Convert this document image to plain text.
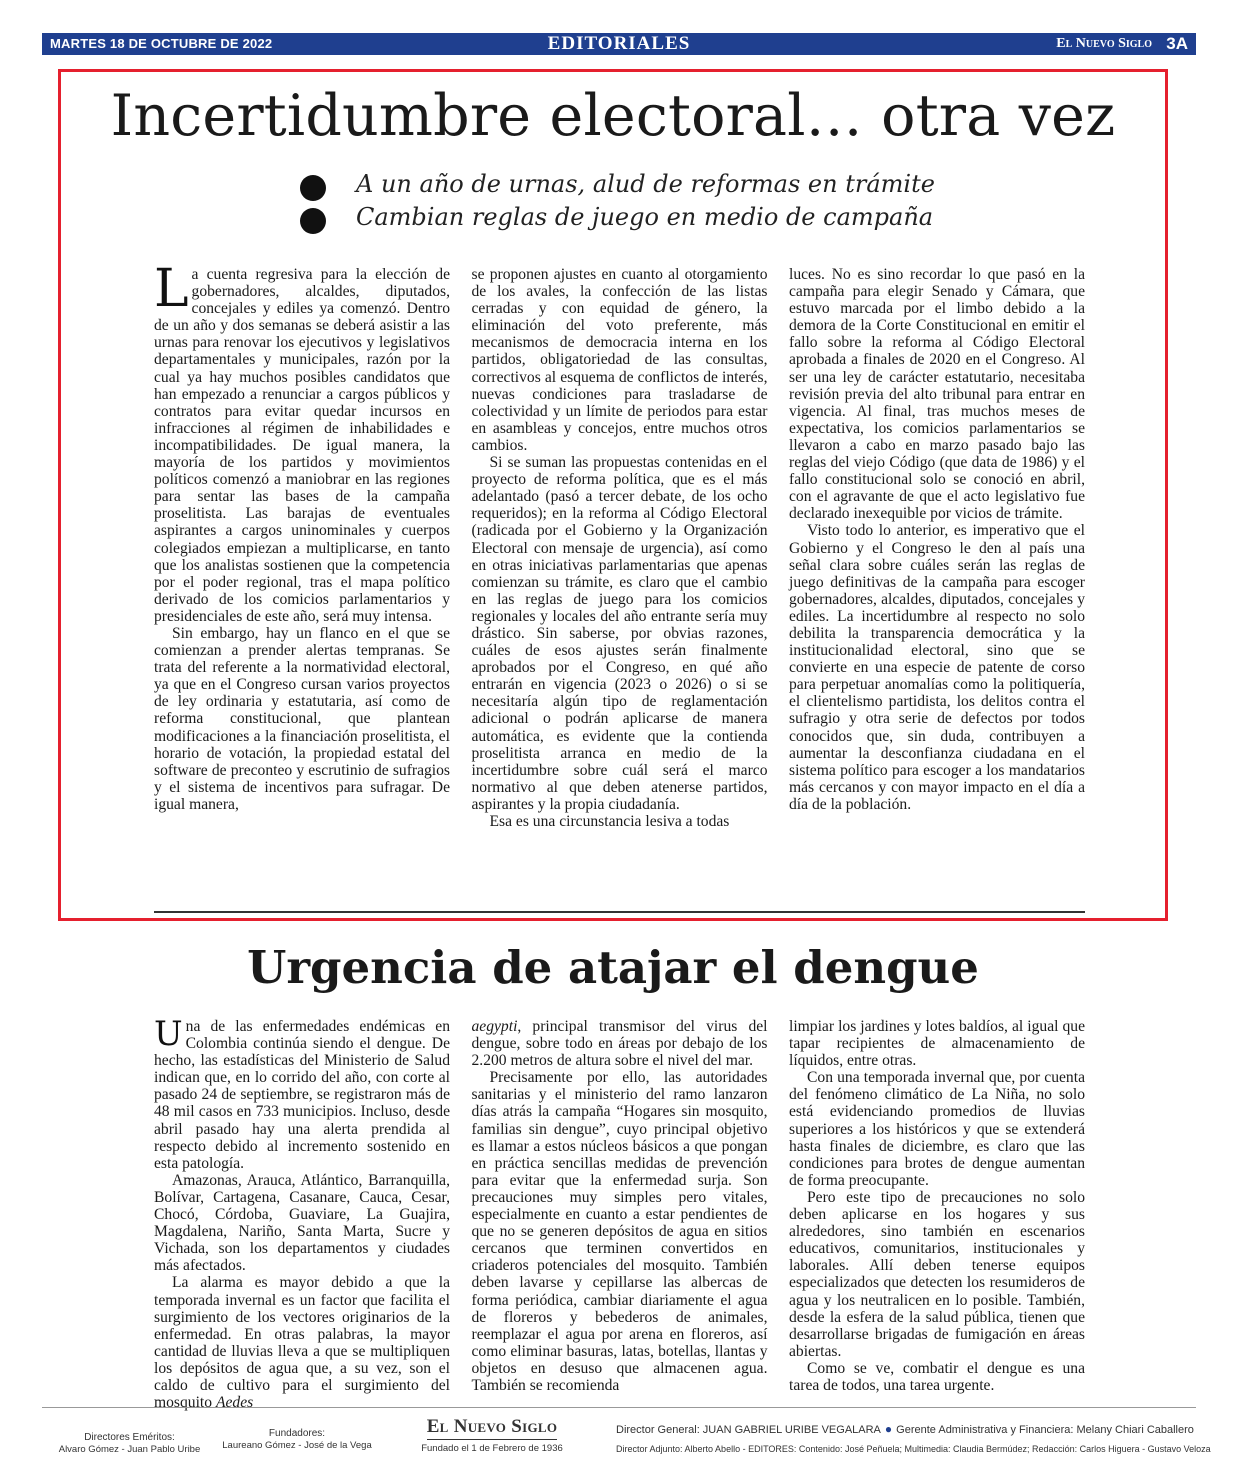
MARTES 18 DE OCTUBRE DE 2022	EDITORIALES	El Nuevo Siglo 3A
Incertidumbre electoral… otra vez
A un año de urnas, alud de reformas en trámite
Cambian reglas de juego en medio de campaña

La cuenta regresiva para la elección de gobernadores, alcaldes, diputados, concejales y ediles ya comenzó. Dentro de un año y dos semanas se deberá asistir a las urnas para renovar los ejecutivos y legislativos departamentales y municipales, razón por la cual ya hay muchos posibles candidatos que han empezado a renunciar a cargos públicos y contratos para evitar quedar incursos en infracciones al régimen de inhabilidades e incompatibilidades. De igual manera, la mayoría de los partidos y movimientos políticos comenzó a maniobrar en las regiones para sentar las bases de la campaña proselitista. Las barajas de eventuales aspirantes a cargos uninominales y cuerpos colegiados empiezan a multiplicarse, en tanto que los analistas sostienen que la competencia por el poder regional, tras el mapa político derivado de los comicios parlamentarios y presidenciales de este año, será muy intensa.

Sin embargo, hay un flanco en el que se comienzan a prender alertas tempranas. Se trata del referente a la normatividad electoral, ya que en el Congreso cursan varios proyectos de ley ordinaria y estatutaria, así como de reforma constitucional, que plantean modificaciones a la financiación proselitista, el horario de votación, la propiedad estatal del software de preconteo y escrutinio de sufragios y el sistema de incentivos para sufragar. De igual manera,

se proponen ajustes en cuanto al otorgamiento de los avales, la confección de las listas cerradas y con equidad de género, la eliminación del voto preferente, más mecanismos de democracia interna en los partidos, obligatoriedad de las consultas, correctivos al esquema de conflictos de interés, nuevas condiciones para trasladarse de colectividad y un límite de periodos para estar en asambleas y concejos, entre muchos otros cambios.

Si se suman las propuestas contenidas en el proyecto de reforma política, que es el más adelantado (pasó a tercer debate, de los ocho requeridos); en la reforma al Código Electoral (radicada por el Gobierno y la Organización Electoral con mensaje de urgencia), así como en otras iniciativas parlamentarias que apenas comienzan su trámite, es claro que el cambio en las reglas de juego para los comicios regionales y locales del año entrante sería muy drástico. Sin saberse, por obvias razones, cuáles de esos ajustes serán finalmente aprobados por el Congreso, en qué año entrarán en vigencia (2023 o 2026) o si se necesitaría algún tipo de reglamentación adicional o podrán aplicarse de manera automática, es evidente que la contienda proselitista arranca en medio de la incertidumbre sobre cuál será el marco normativo al que deben atenerse partidos, aspirantes y la propia ciudadanía.

Esa es una circunstancia lesiva a todas

luces. No es sino recordar lo que pasó en la campaña para elegir Senado y Cámara, que estuvo marcada por el limbo debido a la demora de la Corte Constitucional en emitir el fallo sobre la reforma al Código Electoral aprobada a finales de 2020 en el Congreso. Al ser una ley de carácter estatutario, necesitaba revisión previa del alto tribunal para entrar en vigencia. Al final, tras muchos meses de expectativa, los comicios parlamentarios se llevaron a cabo en marzo pasado bajo las reglas del viejo Código (que data de 1986) y el fallo constitucional solo se conoció en abril, con el agravante de que el acto legislativo fue declarado inexequible por vicios de trámite.

Visto todo lo anterior, es imperativo que el Gobierno y el Congreso le den al país una señal clara sobre cuáles serán las reglas de juego definitivas de la campaña para escoger gobernadores, alcaldes, diputados, concejales y ediles. La incertidumbre al respecto no solo debilita la transparencia democrática y la institucionalidad electoral, sino que se convierte en una especie de patente de corso para perpetuar anomalías como la politiquería, el clientelismo partidista, los delitos contra el sufragio y otra serie de defectos por todos conocidos que, sin duda, contribuyen a aumentar la desconfianza ciudadana en el sistema político para escoger a los mandatarios más cercanos y con mayor impacto en el día a día de la población.

Urgencia de atajar el dengue

Una de las enfermedades endémicas en Colombia continúa siendo el dengue. De hecho, las estadísticas del Ministerio de Salud indican que, en lo corrido del año, con corte al pasado 24 de septiembre, se registraron más de 48 mil casos en 733 municipios. Incluso, desde abril pasado hay una alerta prendida al respecto debido al incremento sostenido en esta patología.

Amazonas, Arauca, Atlántico, Barranquilla, Bolívar, Cartagena, Casanare, Cauca, Cesar, Chocó, Córdoba, Guaviare, La Guajira, Magdalena, Nariño, Santa Marta, Sucre y Vichada, son los departamentos y ciudades más afectados.

La alarma es mayor debido a que la temporada invernal es un factor que facilita el surgimiento de los vectores originarios de la enfermedad. En otras palabras, la mayor cantidad de lluvias lleva a que se multipliquen los depósitos de agua que, a su vez, son el caldo de cultivo para el surgimiento del mosquito Aedes

aegypti, principal transmisor del virus del dengue, sobre todo en áreas por debajo de los 2.200 metros de altura sobre el nivel del mar.

Precisamente por ello, las autoridades sanitarias y el ministerio del ramo lanzaron días atrás la campaña “Hogares sin mosquito, familias sin dengue”, cuyo principal objetivo es llamar a estos núcleos básicos a que pongan en práctica sencillas medidas de prevención para evitar que la enfermedad surja. Son precauciones muy simples pero vitales, especialmente en cuanto a estar pendientes de que no se generen depósitos de agua en sitios cercanos que terminen convertidos en criaderos potenciales del mosquito. También deben lavarse y cepillarse las albercas de forma periódica, cambiar diariamente el agua de floreros y bebederos de animales, reemplazar el agua por arena en floreros, así como eliminar basuras, latas, botellas, llantas y objetos en desuso que almacenen agua. También se recomienda

limpiar los jardines y lotes baldíos, al igual que tapar recipientes de almacenamiento de líquidos, entre otras.

Con una temporada invernal que, por cuenta del fenómeno climático de La Niña, no solo está evidenciando promedios de lluvias superiores a los históricos y que se extenderá hasta finales de diciembre, es claro que las condiciones para brotes de dengue aumentan de forma preocupante.

Pero este tipo de precauciones no solo deben aplicarse en los hogares y sus alrededores, sino también en escenarios educativos, comunitarios, institucionales y laborales. Allí deben tenerse equipos especializados que detecten los resumideros de agua y los neutralicen en lo posible. También, desde la esfera de la salud pública, tienen que desarrollarse brigadas de fumigación en áreas abiertas.

Como se ve, combatir el dengue es una tarea de todos, una tarea urgente.

Directores Eméritos:
Alvaro Gómez - Juan Pablo Uribe
Fundadores:
Laureano Gómez - José de la Vega
El Nuevo Siglo
Fundado el 1 de Febrero de 1936
Director General: JUAN GABRIEL URIBE VEGALARA ● Gerente Administrativa y Financiera: Melany Chiari Caballero
Director Adjunto: Alberto Abello - EDITORES: Contenido: José Peñuela; Multimedia: Claudia Bermúdez; Redacción: Carlos Higuera - Gustavo Veloza
